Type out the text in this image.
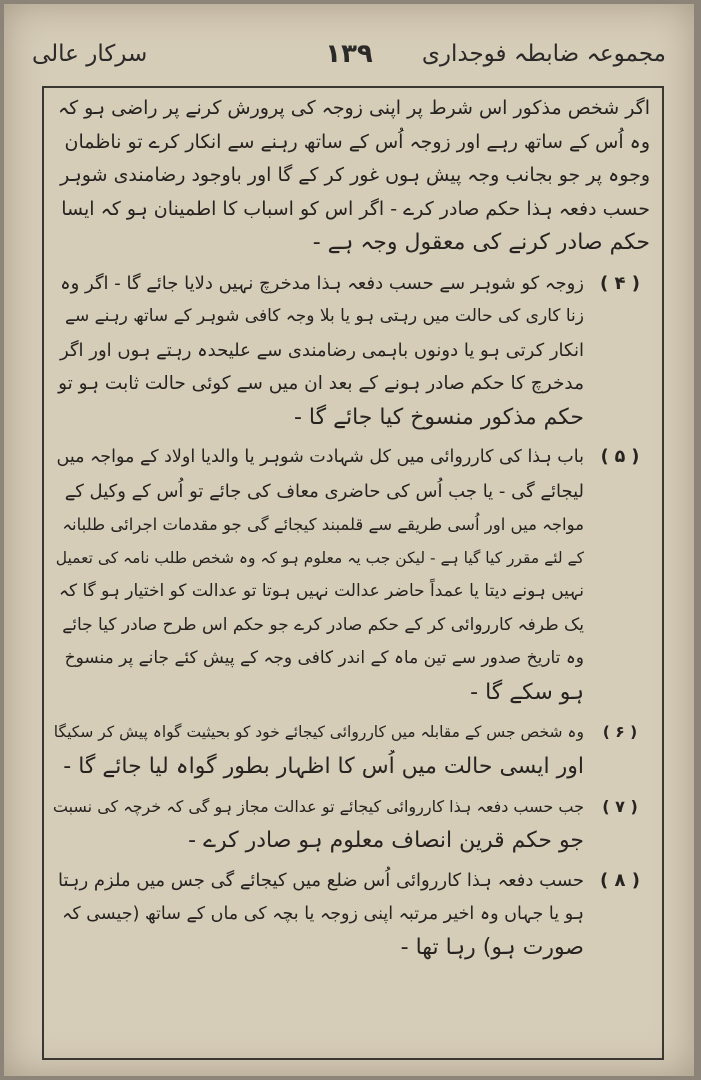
مجموعہ ضابطہ فوجداری
۱۳۹
سرکار عالی
اگر شخص مذکور اس شرط پر اپنی زوجہ کی پرورش کرنے پر راضی ہو کہ
وہ اُس کے ساتھ رہے اور زوجہ اُس کے ساتھ رہنے سے انکار کرے تو ناظمان
وجوہ پر جو بجانب وجہ پیش ہوں غور کر کے گا اور باوجود رضامندی شوہر
حسب دفعہ ہذا حکم صادر کرے - اگر اس کو اسباب کا اطمینان ہو کہ ایسا
حکم صادر کرنے کی معقول وجہ ہے -
( ۴ )زوجہ کو شوہر سے حسب دفعہ ہذا مدخرچ نہیں دلایا جائے گا - اگر وہ
زنا کاری کی حالت میں رہتی ہو یا بلا وجہ کافی شوہر کے ساتھ رہنے سے
انکار کرتی ہو یا دونوں باہمی رضامندی سے علیحدہ رہتے ہوں اور اگر
مدخرچ کا حکم صادر ہونے کے بعد ان میں سے کوئی حالت ثابت ہو تو
حکم مذکور منسوخ کیا جائے گا -
( ۵ )باب ہذا کی کارروائی میں کل شہادت شوہر یا والدیا اولاد کے مواجہ میں
لیجائے گی - یا جب اُس کی حاضری معاف کی جائے تو اُس کے وکیل کے
مواجہ میں اور اُسی طریقے سے قلمبند کیجائے گی جو مقدمات اجرائی طلبانہ
کے لئے مقرر کیا گیا ہے - لیکن جب یہ معلوم ہو کہ وہ شخص طلب نامہ کی تعمیل
نہیں ہونے دیتا یا عمداً حاضر عدالت نہیں ہوتا تو عدالت کو اختیار ہو گا کہ
یک طرفہ کارروائی کر کے حکم صادر کرے جو حکم اس طرح صادر کیا جائے
وہ تاریخ صدور سے تین ماہ کے اندر کافی وجہ کے پیش کئے جانے پر منسوخ
ہو سکے گا -
( ۶ )وہ شخص جس کے مقابلہ میں کارروائی کیجائے خود کو بحیثیت گواہ پیش کر سکیگا
اور ایسی حالت میں اُس کا اظہار بطور گواہ لیا جائے گا -
( ۷ )جب حسب دفعہ ہذا کارروائی کیجائے تو عدالت مجاز ہو گی کہ خرچہ کی نسبت
جو حکم قرین انصاف معلوم ہو صادر کرے -
( ۸ )حسب دفعہ ہذا کارروائی اُس ضلع میں کیجائے گی جس میں ملزم رہتا
ہو یا جہاں وہ اخیر مرتبہ اپنی زوجہ یا بچہ کی ماں کے ساتھ (جیسی کہ
صورت ہو) رہا تھا -
